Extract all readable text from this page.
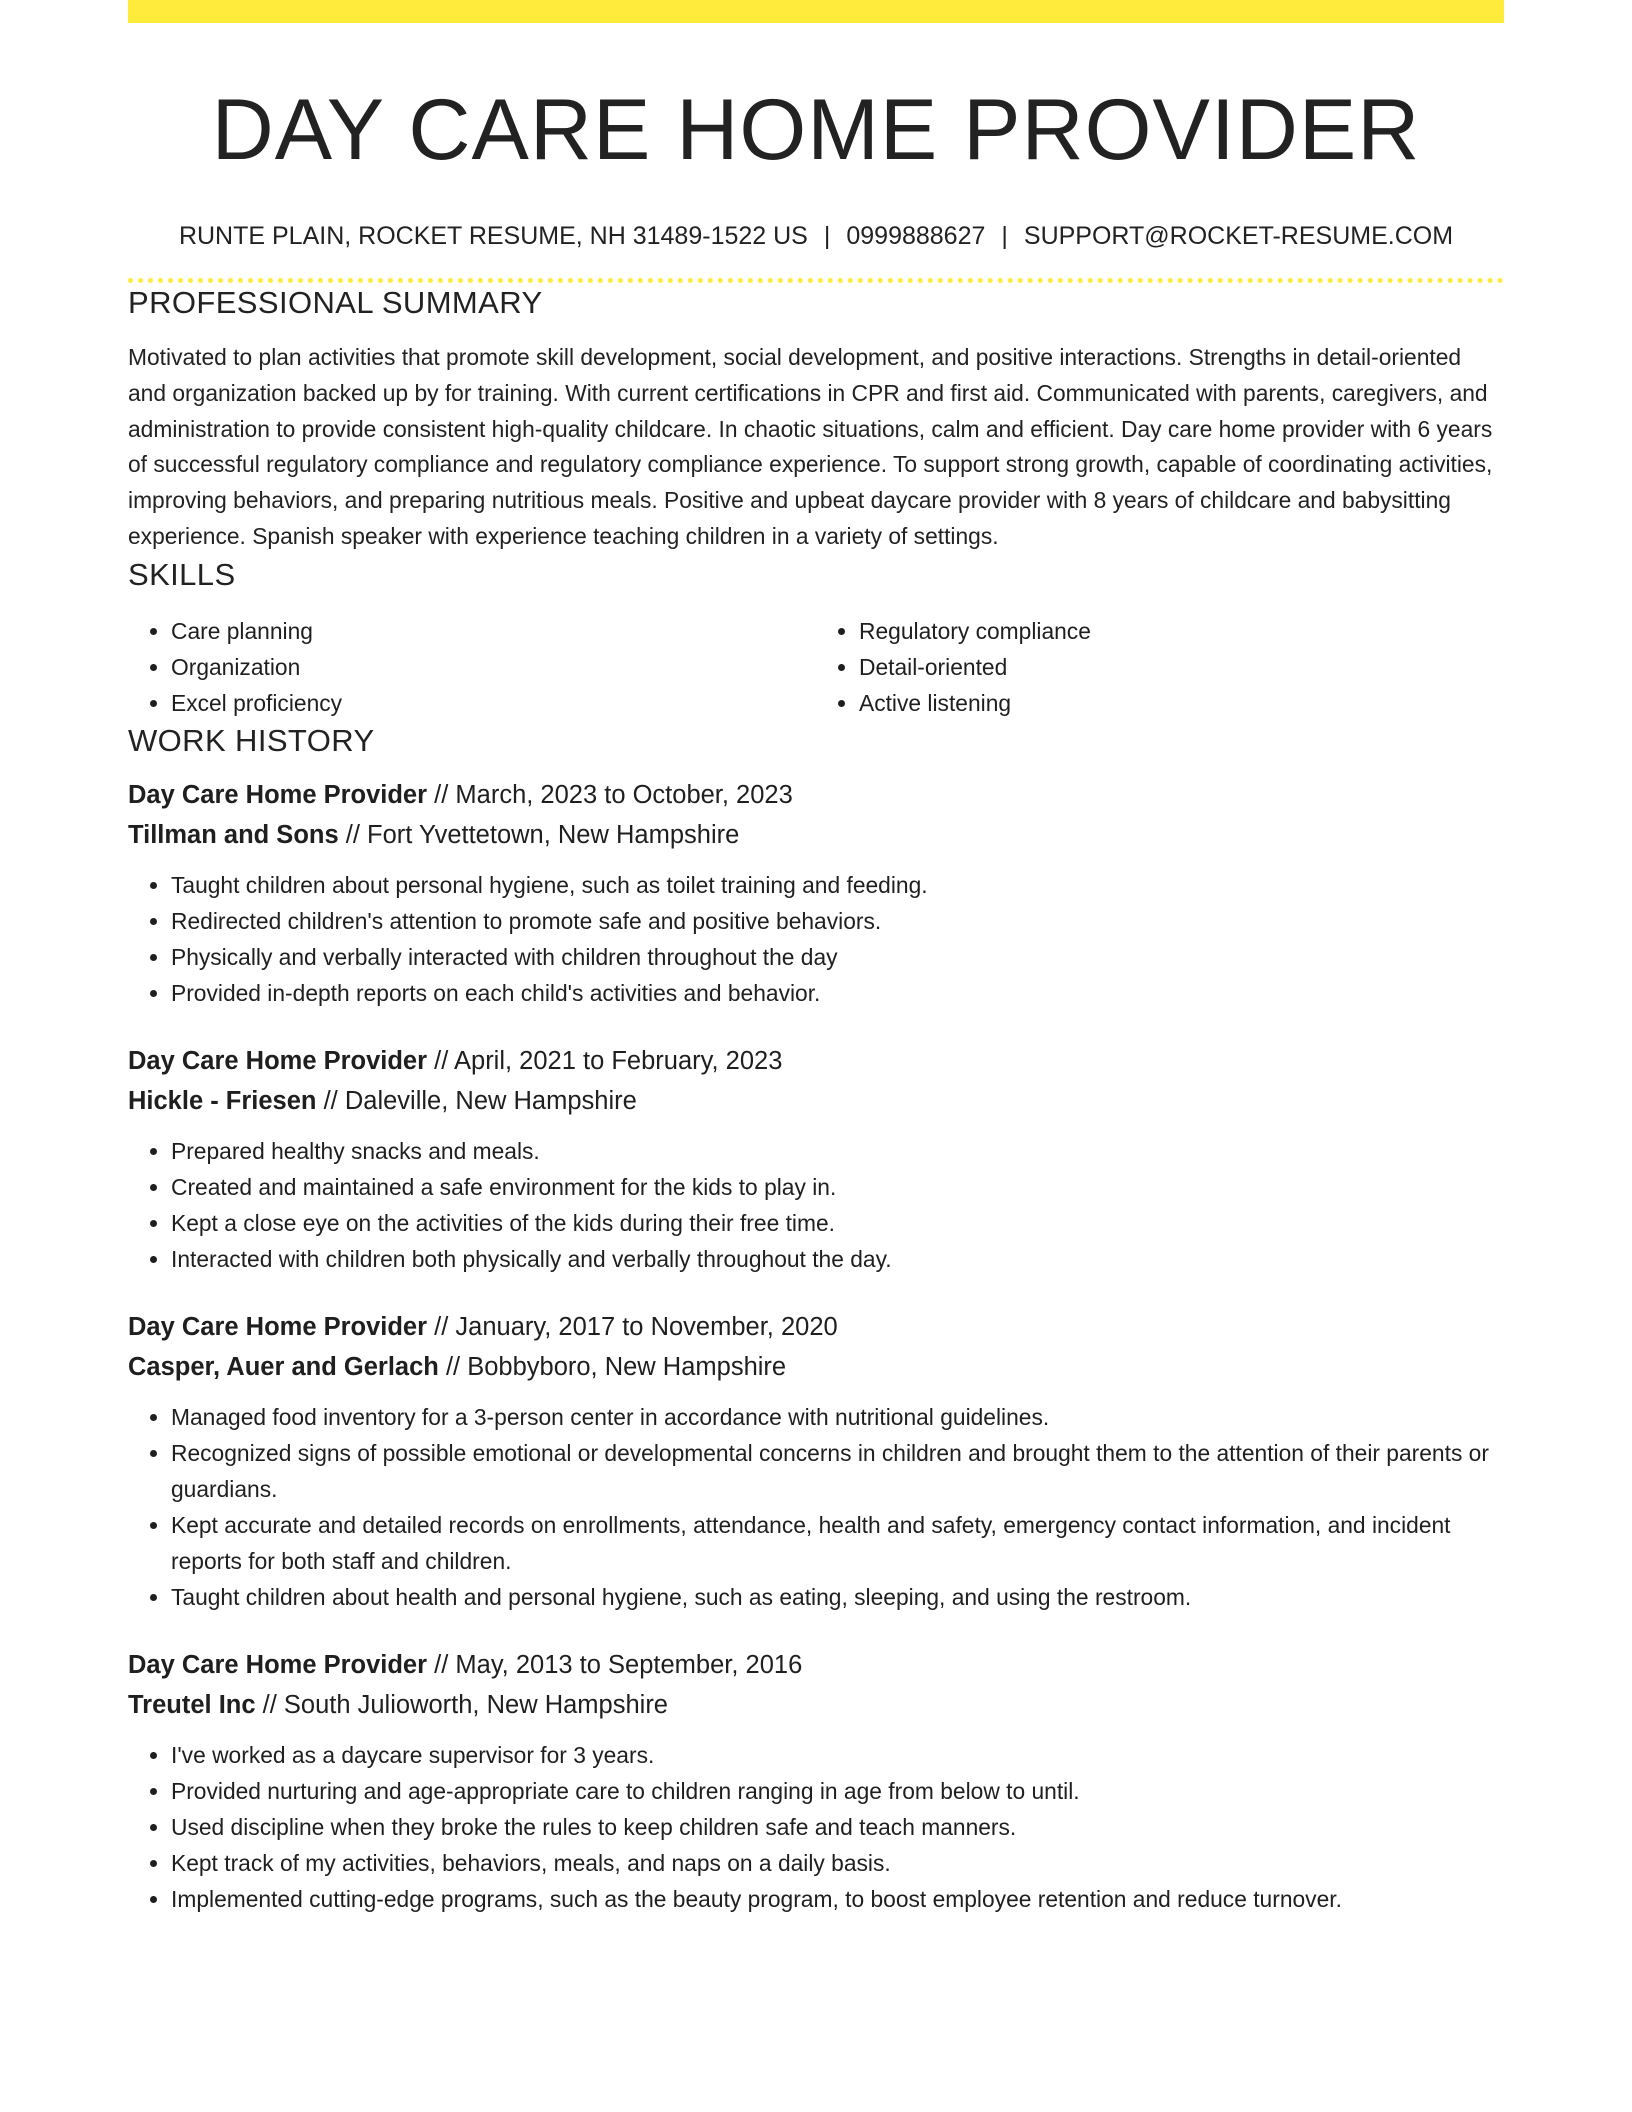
DAY CARE HOME PROVIDER
RUNTE PLAIN, ROCKET RESUME, NH 31489-1522 US | 0999888627 | SUPPORT@ROCKET-RESUME.COM
PROFESSIONAL SUMMARY
Motivated to plan activities that promote skill development, social development, and positive interactions. Strengths in detail-oriented and organization backed up by for training. With current certifications in CPR and first aid. Communicated with parents, caregivers, and administration to provide consistent high-quality childcare. In chaotic situations, calm and efficient. Day care home provider with 6 years of successful regulatory compliance and regulatory compliance experience. To support strong growth, capable of coordinating activities, improving behaviors, and preparing nutritious meals. Positive and upbeat daycare provider with 8 years of childcare and babysitting experience. Spanish speaker with experience teaching children in a variety of settings.
SKILLS
• Care planning
• Organization
• Excel proficiency
• Regulatory compliance
• Detail-oriented
• Active listening
WORK HISTORY
Day Care Home Provider // March, 2023 to October, 2023
Tillman and Sons // Fort Yvettetown, New Hampshire
• Taught children about personal hygiene, such as toilet training and feeding.
• Redirected children's attention to promote safe and positive behaviors.
• Physically and verbally interacted with children throughout the day
• Provided in-depth reports on each child's activities and behavior.
Day Care Home Provider // April, 2021 to February, 2023
Hickle - Friesen // Daleville, New Hampshire
• Prepared healthy snacks and meals.
• Created and maintained a safe environment for the kids to play in.
• Kept a close eye on the activities of the kids during their free time.
• Interacted with children both physically and verbally throughout the day.
Day Care Home Provider // January, 2017 to November, 2020
Casper, Auer and Gerlach // Bobbyboro, New Hampshire
• Managed food inventory for a 3-person center in accordance with nutritional guidelines.
• Recognized signs of possible emotional or developmental concerns in children and brought them to the attention of their parents or guardians.
• Kept accurate and detailed records on enrollments, attendance, health and safety, emergency contact information, and incident reports for both staff and children.
• Taught children about health and personal hygiene, such as eating, sleeping, and using the restroom.
Day Care Home Provider // May, 2013 to September, 2016
Treutel Inc // South Julioworth, New Hampshire
• I've worked as a daycare supervisor for 3 years.
• Provided nurturing and age-appropriate care to children ranging in age from below to until.
• Used discipline when they broke the rules to keep children safe and teach manners.
• Kept track of my activities, behaviors, meals, and naps on a daily basis.
• Implemented cutting-edge programs, such as the beauty program, to boost employee retention and reduce turnover.
